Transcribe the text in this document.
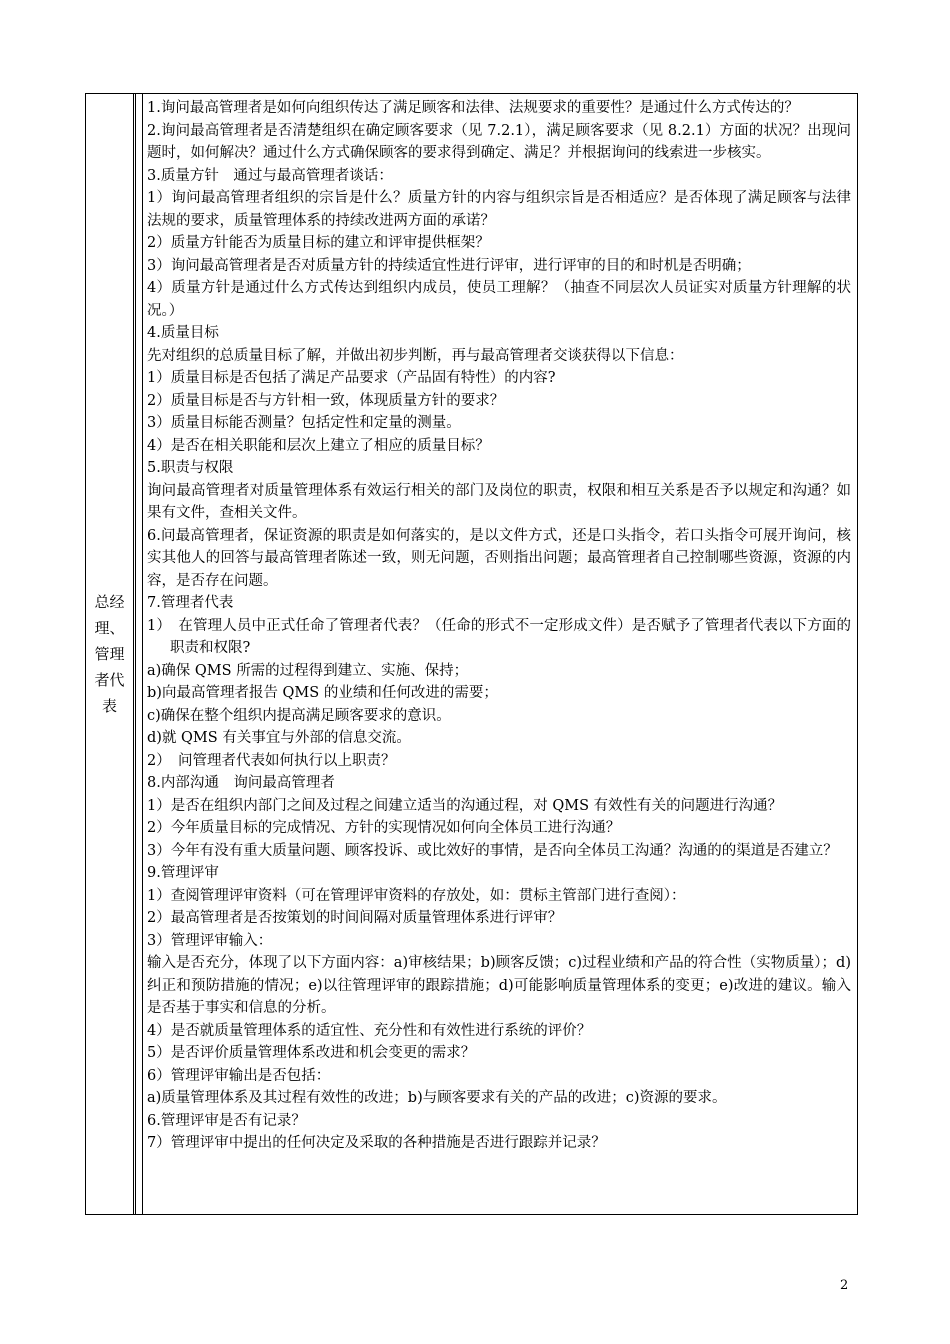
总经理、管理者代表

1.询问最高管理者是如何向组织传达了满足顾客和法律、法规要求的重要性？是通过什么方式传达的？

2.询问最高管理者是否清楚组织在确定顾客要求（见 7.2.1），满足顾客要求（见 8.2.1）方面的状况？出现问题时，如何解决？通过什么方式确保顾客的要求得到确定、满足？并根据询问的线索进一步核实。

3.质量方针　通过与最高管理者谈话：

1）询问最高管理者组织的宗旨是什么？质量方针的内容与组织宗旨是否相适应？是否体现了满足顾客与法律法规的要求，质量管理体系的持续改进两方面的承诺？

2）质量方针能否为质量目标的建立和评审提供框架？

3）询问最高管理者是否对质量方针的持续适宜性进行评审，进行评审的目的和时机是否明确；

4）质量方针是通过什么方式传达到组织内成员，使员工理解？（抽查不同层次人员证实对质量方针理解的状况。）

4.质量目标

先对组织的总质量目标了解，并做出初步判断，再与最高管理者交谈获得以下信息：

1）质量目标是否包括了满足产品要求（产品固有特性）的内容?

2）质量目标是否与方针相一致，体现质量方针的要求？

3）质量目标能否测量？包括定性和定量的测量。

4）是否在相关职能和层次上建立了相应的质量目标？

5.职责与权限

询问最高管理者对质量管理体系有效运行相关的部门及岗位的职责，权限和相互关系是否予以规定和沟通？如果有文件，查相关文件。

6.问最高管理者，保证资源的职责是如何落实的，是以文件方式，还是口头指令，若口头指令可展开询问，核实其他人的回答与最高管理者陈述一致，则无问题，否则指出问题；最高管理者自己控制哪些资源，资源的内容，是否存在问题。

7.管理者代表

1）　在管理人员中正式任命了管理者代表？（任命的形式不一定形成文件）是否赋予了管理者代表以下方面的职责和权限?

a)确保 QMS 所需的过程得到建立、实施、保持；

b)向最高管理者报告 QMS 的业绩和任何改进的需要；

c)确保在整个组织内提高满足顾客要求的意识。

d)就 QMS 有关事宜与外部的信息交流。

2）　问管理者代表如何执行以上职责？

8.内部沟通　询问最高管理者

1）是否在组织内部门之间及过程之间建立适当的沟通过程，对 QMS 有效性有关的问题进行沟通？

2）今年质量目标的完成情况、方针的实现情况如何向全体员工进行沟通？

3）今年有没有重大质量问题、顾客投诉、或比效好的事情，是否向全体员工沟通？沟通的的渠道是否建立？

9.管理评审

1）查阅管理评审资料（可在管理评审资料的存放处，如：贯标主管部门进行查阅）：

2）最高管理者是否按策划的时间间隔对质量管理体系进行评审？

3）管理评审输入：

输入是否充分，体现了以下方面内容：a)审核结果；b)顾客反馈；c)过程业绩和产品的符合性（实物质量）；d)纠正和预防措施的情况；e)以往管理评审的跟踪措施；d)可能影响质量管理体系的变更；e)改进的建议。输入是否基于事实和信息的分析。

4）是否就质量管理体系的适宜性、充分性和有效性进行系统的评价？

5）是否评价质量管理体系改进和机会变更的需求？

6）管理评审输出是否包括：

a)质量管理体系及其过程有效性的改进；b)与顾客要求有关的产品的改进；c)资源的要求。

6.管理评审是否有记录？

7）管理评审中提出的任何决定及采取的各种措施是否进行跟踪并记录？

2
